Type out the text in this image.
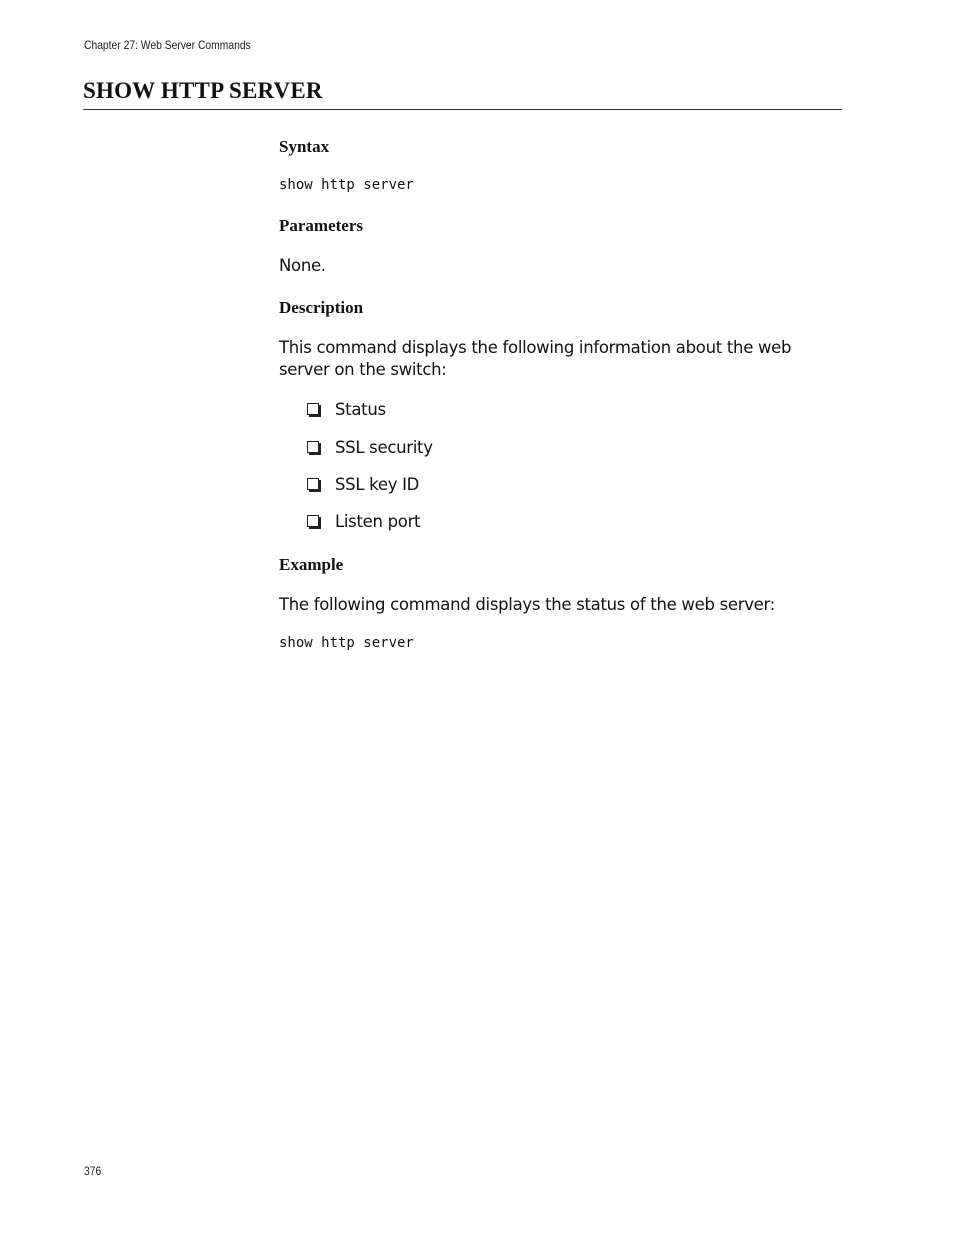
Chapter 27: Web Server Commands
SHOW HTTP SERVER
Syntax
show http server
Parameters

None.

Description

This command displays the following information about the web server on the switch:

Status
SSL security
SSL key ID
Listen port
Example

The following command displays the status of the web server:

show http server
376
